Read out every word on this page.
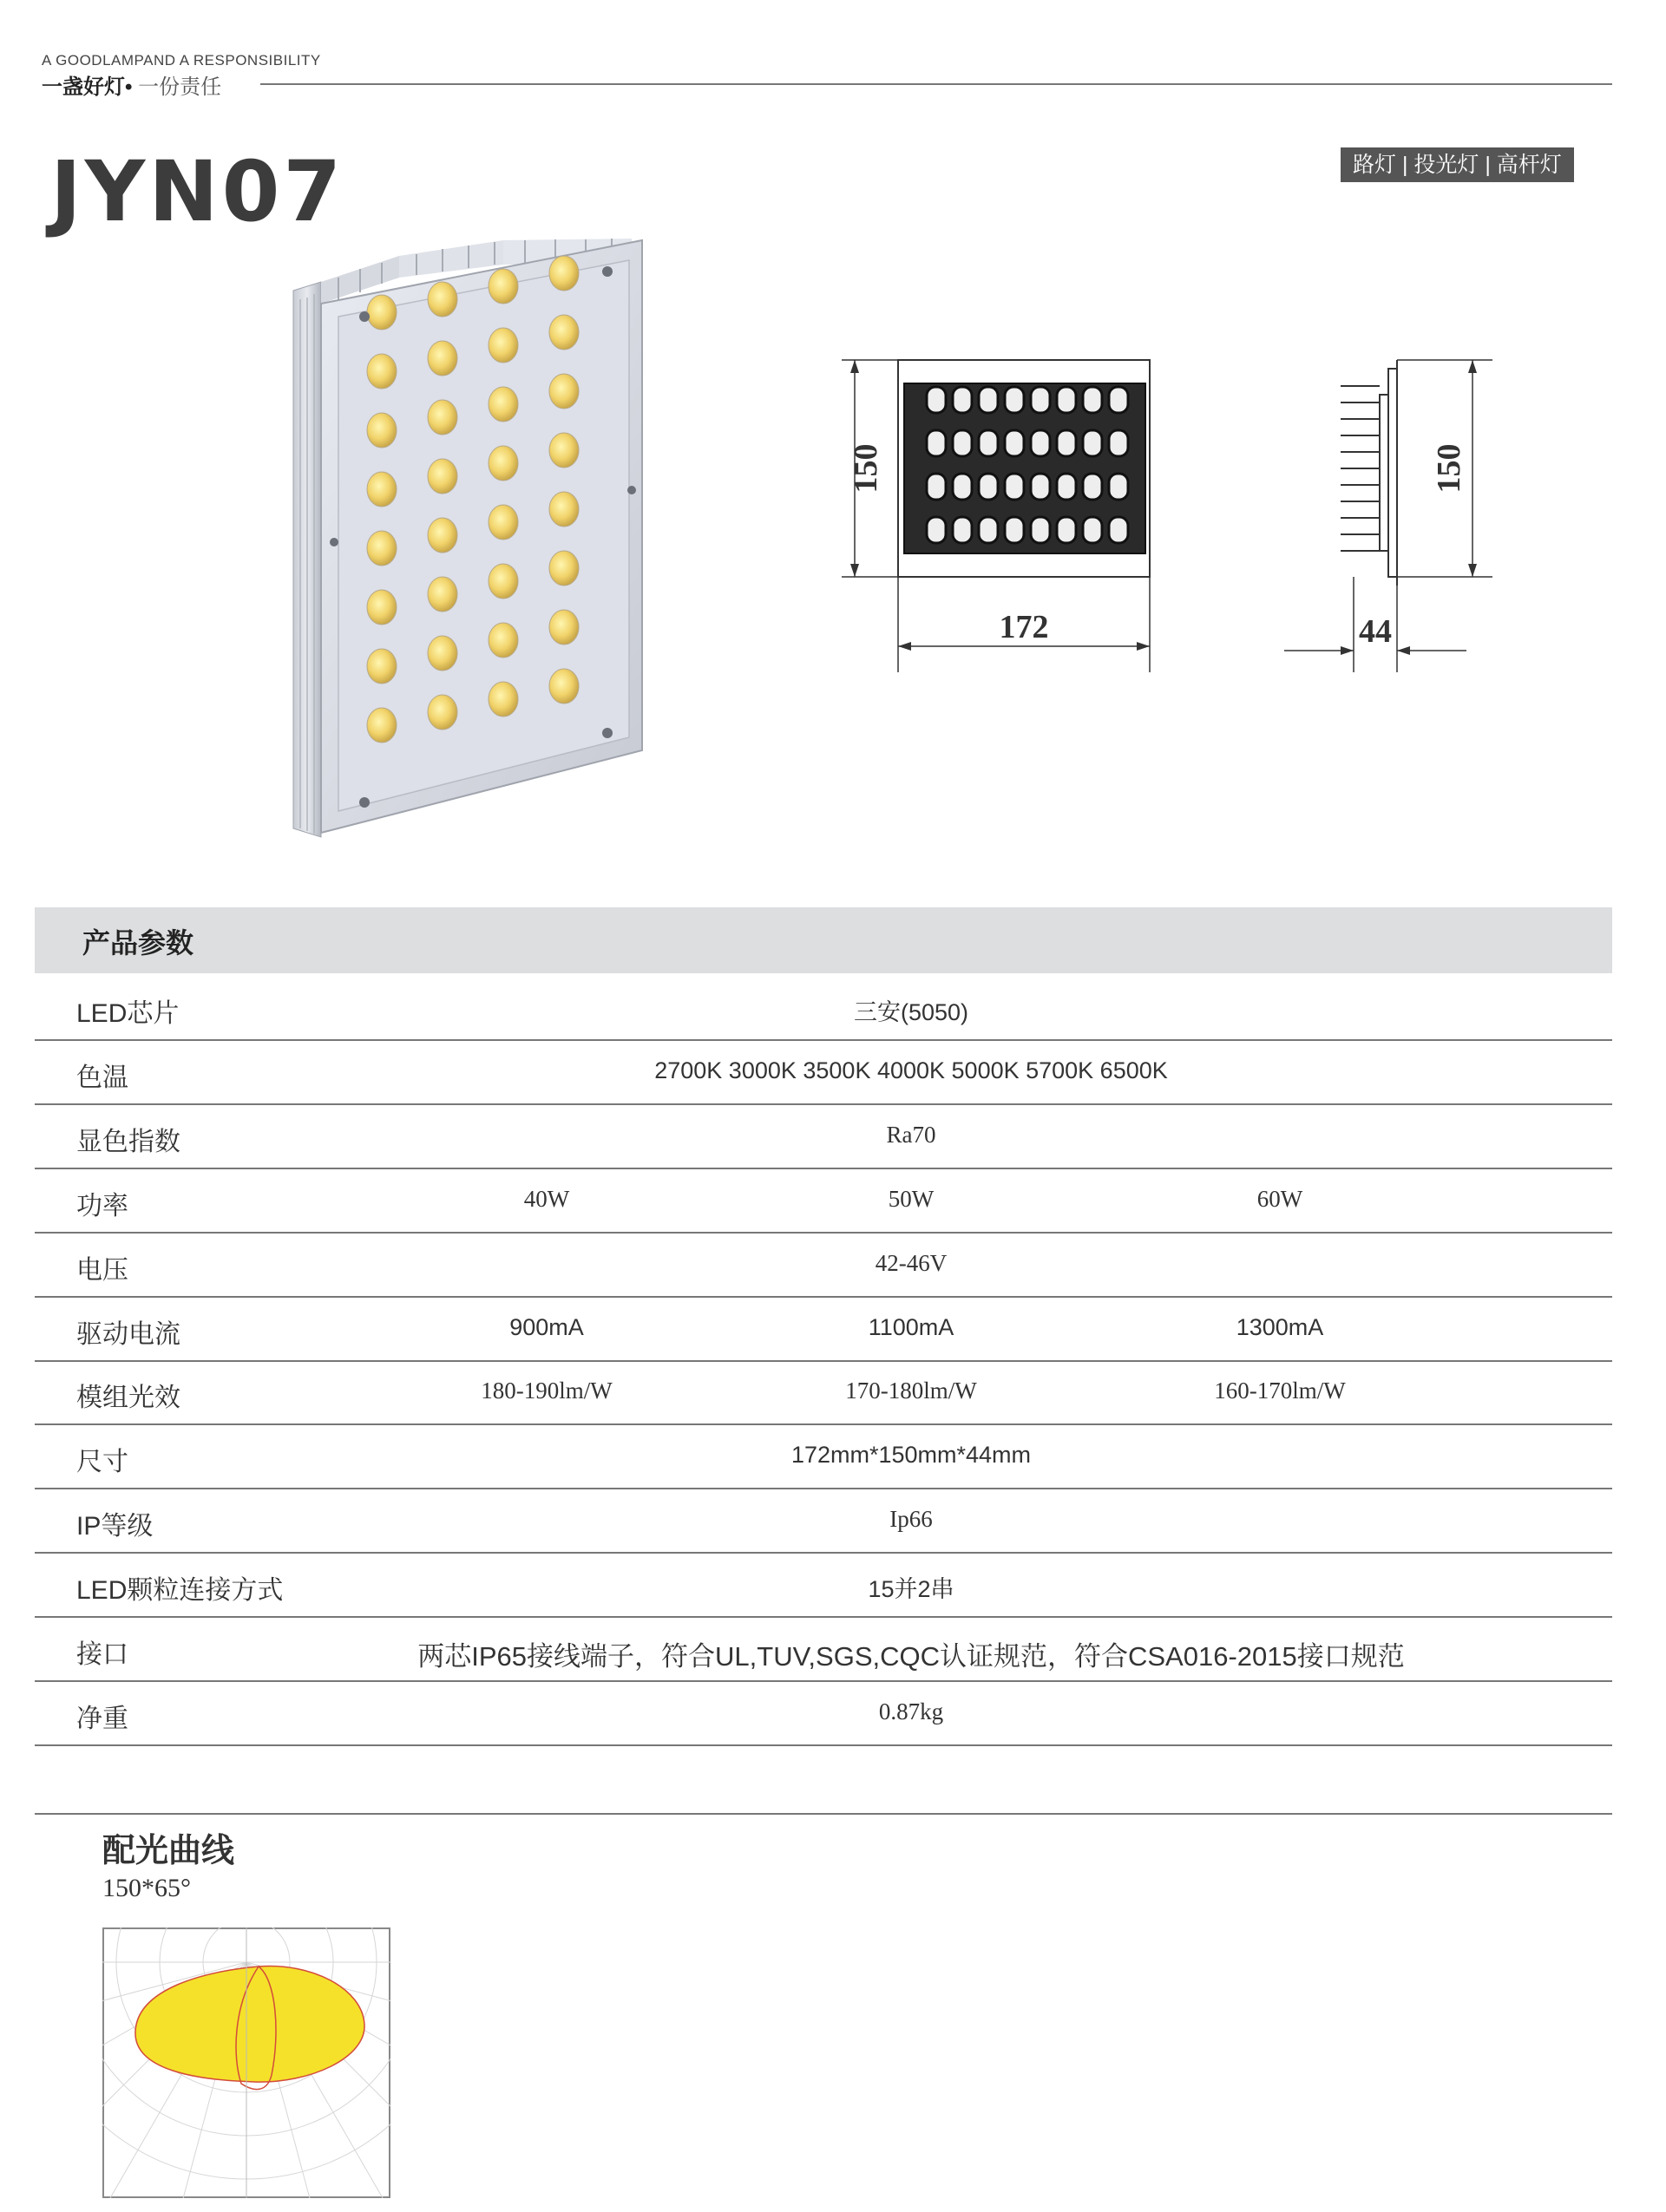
A GOODLAMPAND A RESPONSIBILITY
一盏好灯• 一份责任
JYN07	路灯 | 投光灯 | 高杆灯
150
172
150
44
产品参数
LED芯片	三安(5050)
色温	2700K 3000K 3500K 4000K 5000K 5700K 6500K
显色指数	Ra70
功率	40W	50W	60W
电压	42-46V
驱动电流	900mA	1100mA	1300mA
模组光效	180-190lm/W	170-180lm/W	160-170lm/W
尺寸	172mm*150mm*44mm
IP等级	Ip66
LED颗粒连接方式	15并2串
接口	两芯IP65接线端子，符合UL,TUV,SGS,CQC认证规范，符合CSA016-2015接口规范
净重	0.87kg
配光曲线
150*65°
